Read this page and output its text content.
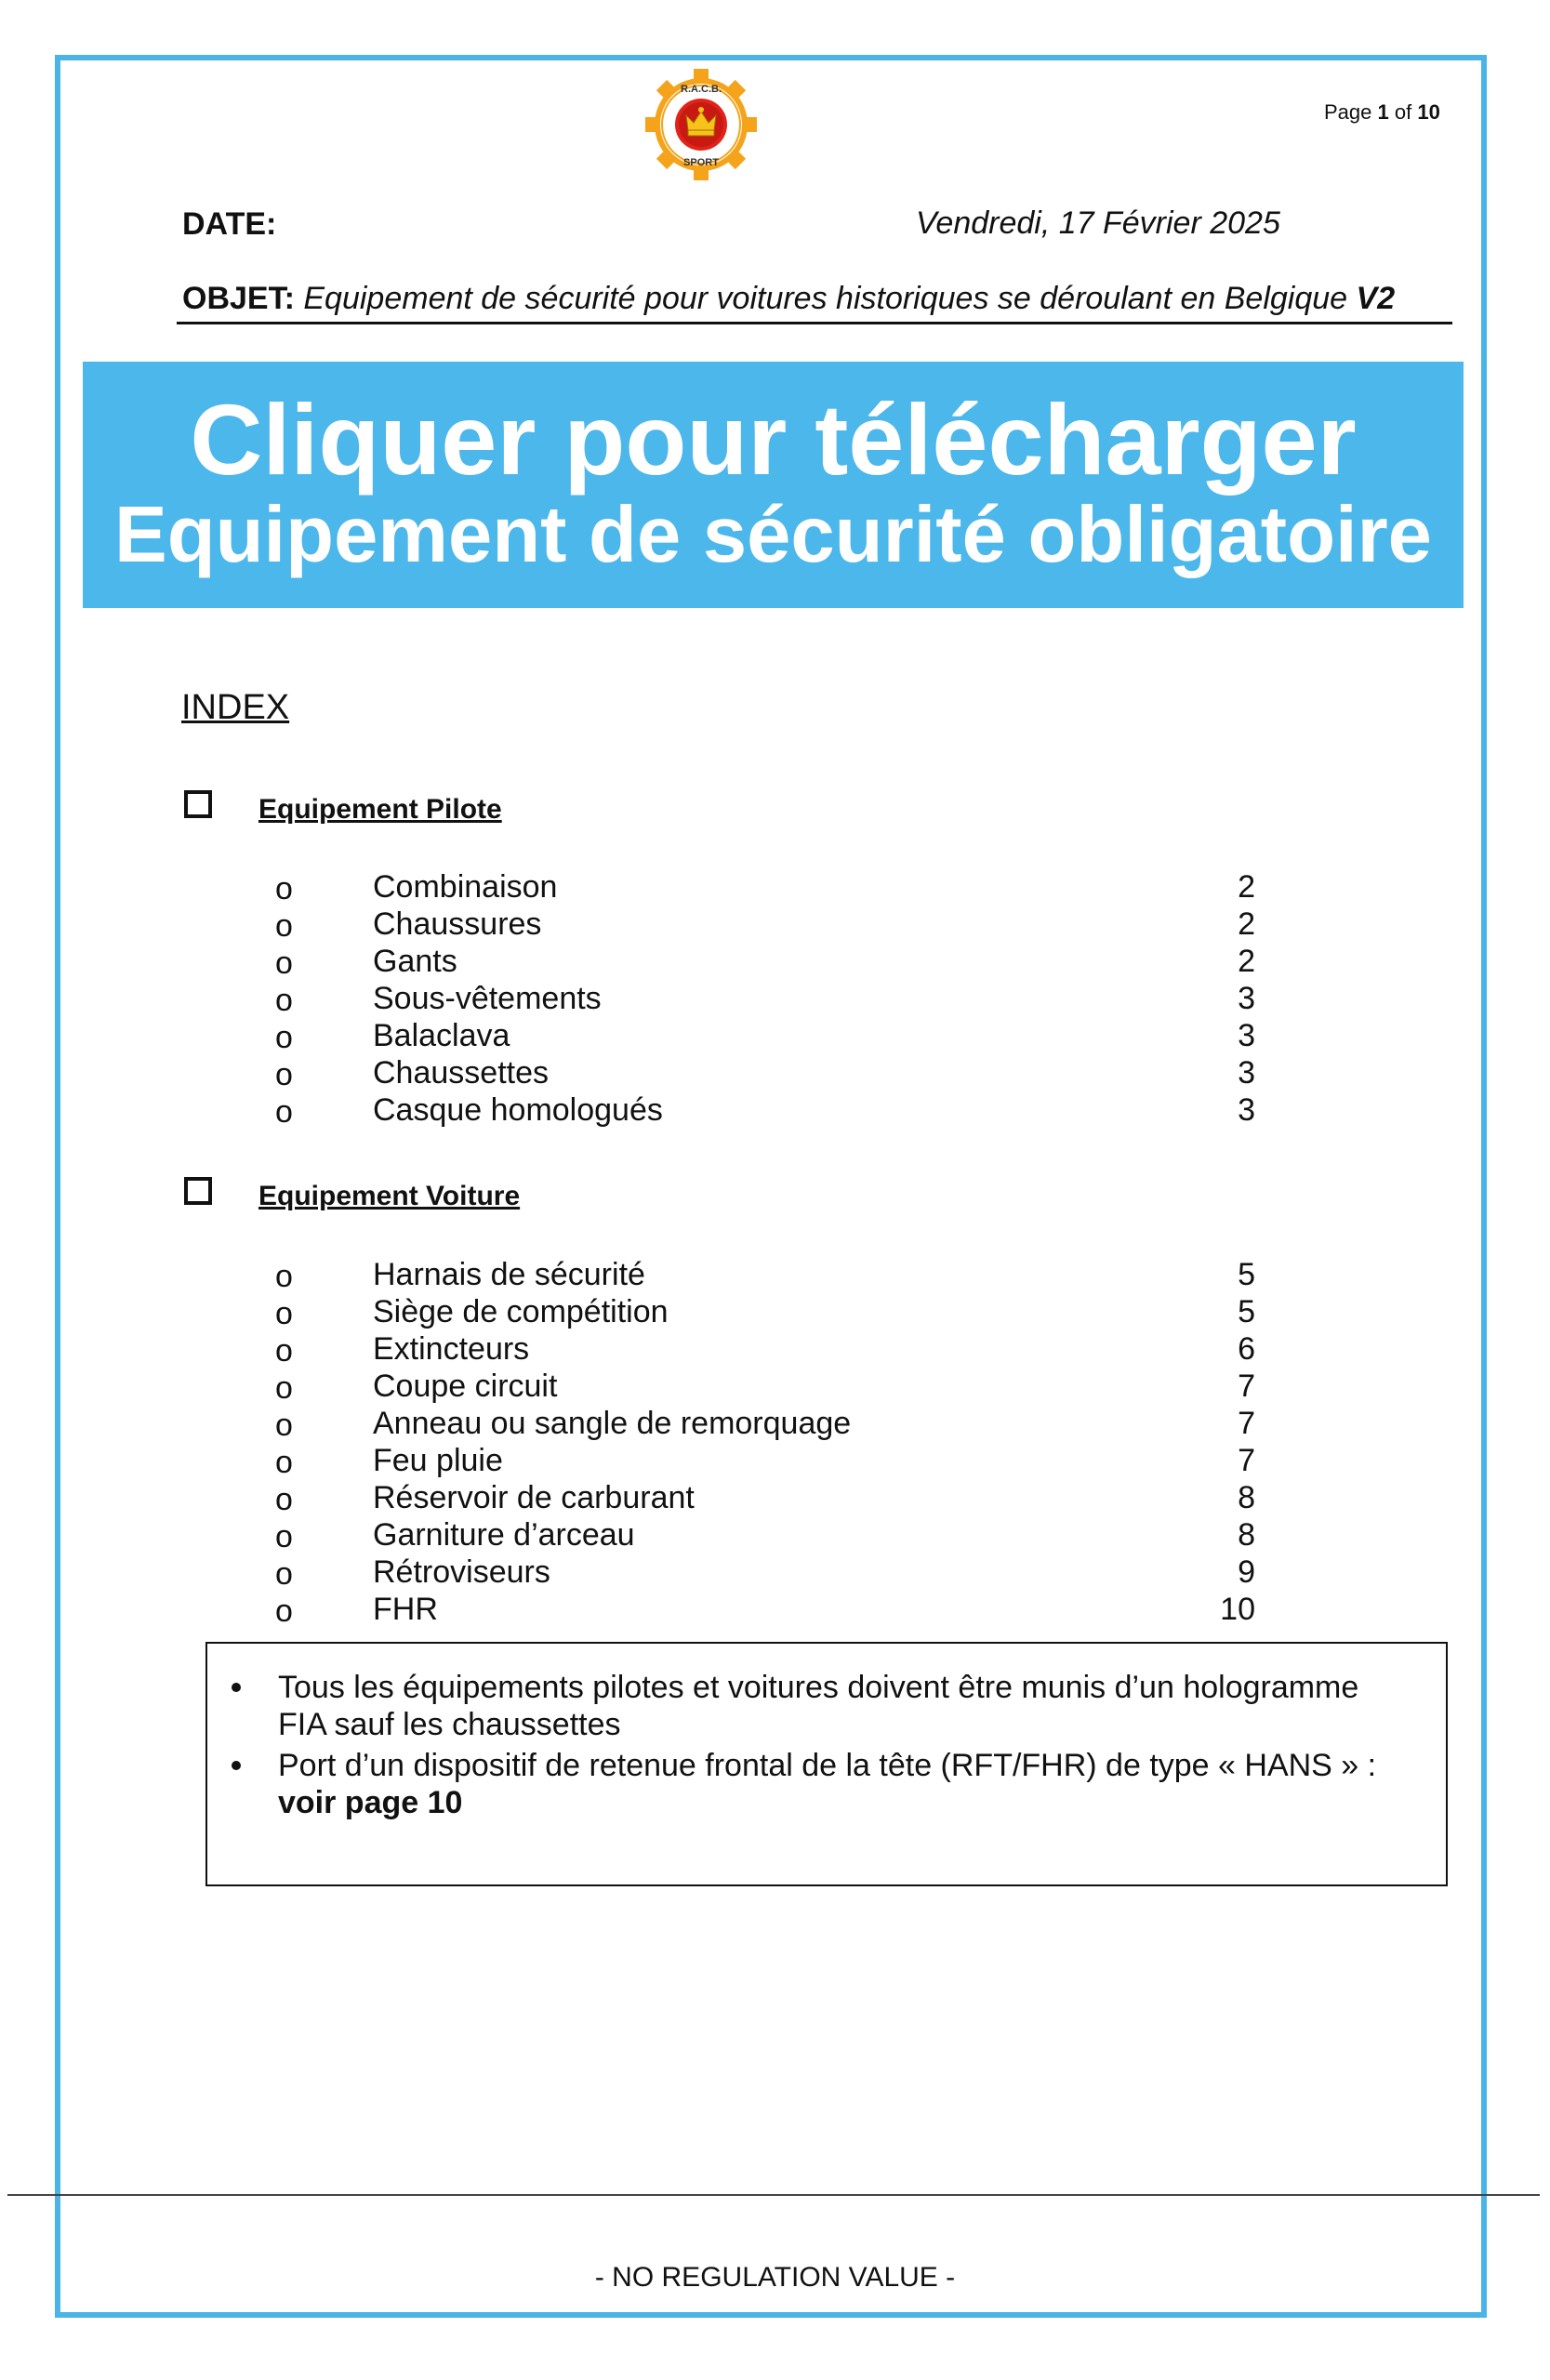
R.A.C.B.
SPORT
Page 1 of 10
DATE:	Vendredi, 17 Février 2025
OBJET: Equipement de sécurité pour voitures historiques se déroulant en Belgique V2
Cliquer pour télécharger
Equipement de sécurité obligatoire
INDEX
Equipement Pilote
o	Combinaison	2
o	Chaussures	2
o	Gants	2
o	Sous-vêtements	3
o	Balaclava	3
o	Chaussettes	3
o	Casque homologués	3
Equipement Voiture
o	Harnais de sécurité	5
o	Siège de compétition	5
o	Extincteurs	6
o	Coupe circuit	7
o	Anneau ou sangle de remorquage	7
o	Feu pluie	7
o	Réservoir de carburant	8
o	Garniture d’arceau	8
o	Rétroviseurs	9
o	FHR	10
Tous les équipements pilotes et voitures doivent être munis d’un hologramme
FIA sauf les chaussettes
Port d’un dispositif de retenue frontal de la tête (RFT/FHR) de type « HANS » :
voir page 10
- NO REGULATION VALUE -
